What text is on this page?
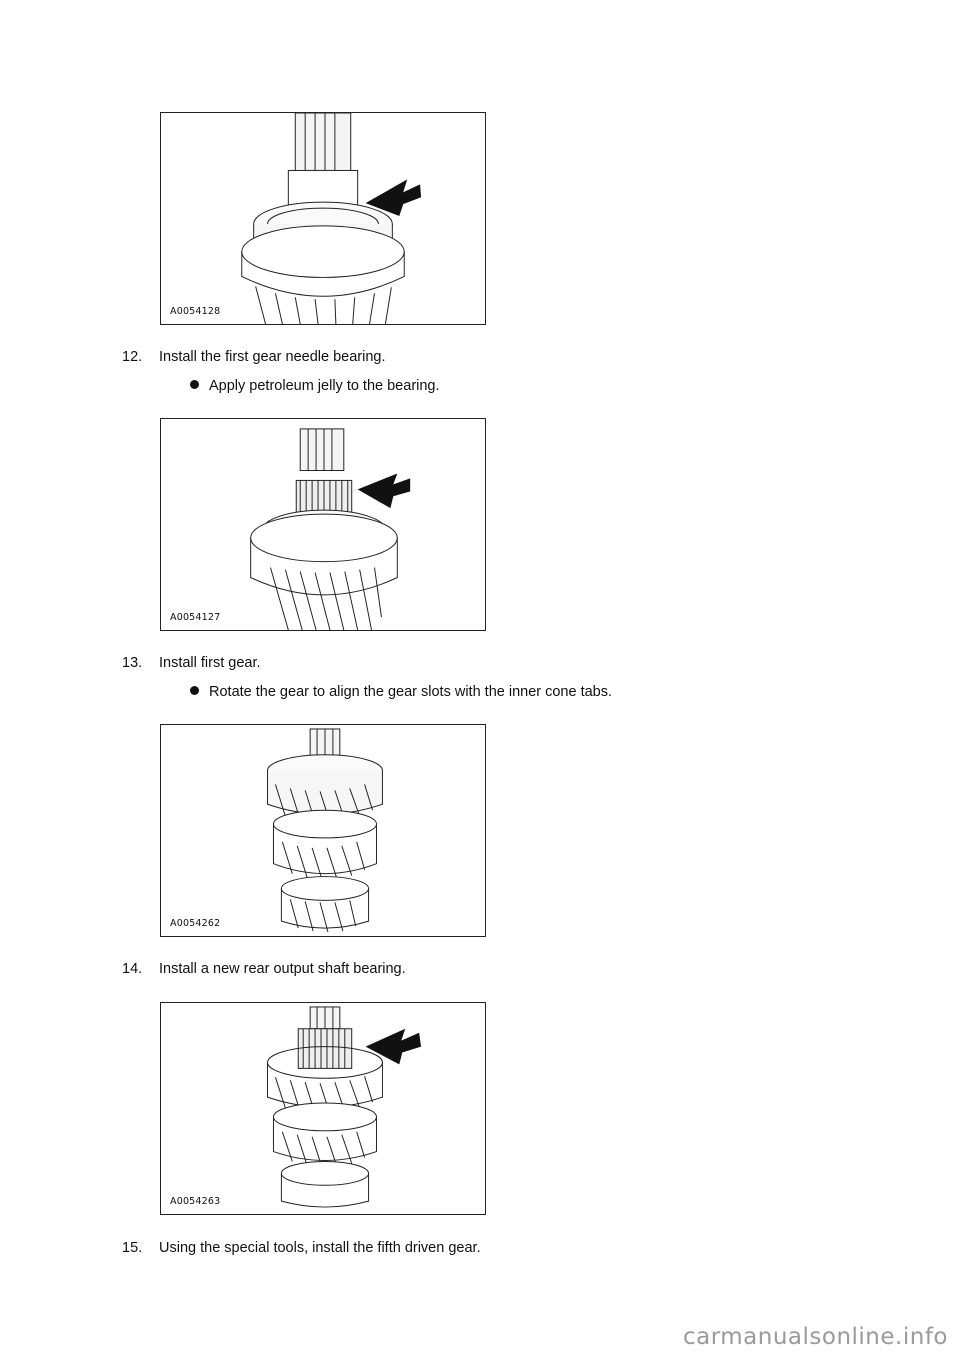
A0054128
12. Install the first gear needle bearing.
Apply petroleum jelly to the bearing.
A0054127
13. Install first gear.
Rotate the gear to align the gear slots with the inner cone tabs.
A0054262
14. Install a new rear output shaft bearing.
A0054263
15. Using the special tools, install the fifth driven gear.
carmanualsonline.info
